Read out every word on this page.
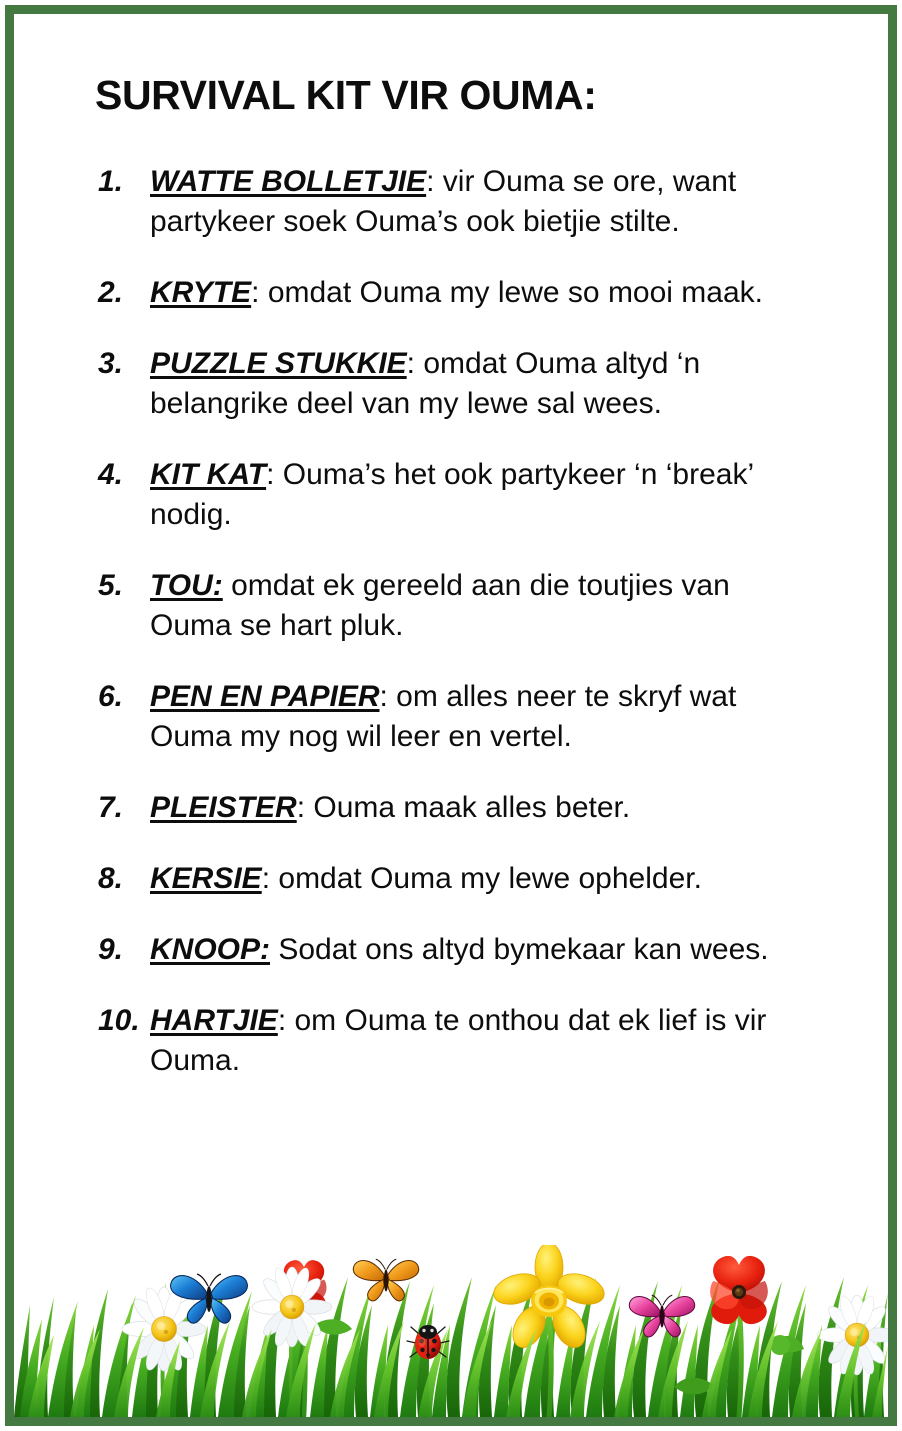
SURVIVAL KIT VIR OUMA:
1. WATTE BOLLETJIE: vir Ouma se ore, want partykeer soek Ouma’s ook bietjie stilte.
2. KRYTE: omdat Ouma my lewe so mooi maak.
3. PUZZLE STUKKIE: omdat Ouma altyd ‘n belangrike deel van my lewe sal wees.
4. KIT KAT: Ouma’s het ook partykeer ‘n ‘break’ nodig.
5. TOU: omdat ek gereeld aan die toutjies van Ouma se hart pluk.
6. PEN EN PAPIER: om alles neer te skryf wat Ouma my nog wil leer en vertel.
7. PLEISTER: Ouma maak alles beter.
8. KERSIE: omdat Ouma my lewe ophelder.
9. KNOOP: Sodat ons altyd bymekaar kan wees.
10. HARTJIE: om Ouma te onthou dat ek lief is vir Ouma.
